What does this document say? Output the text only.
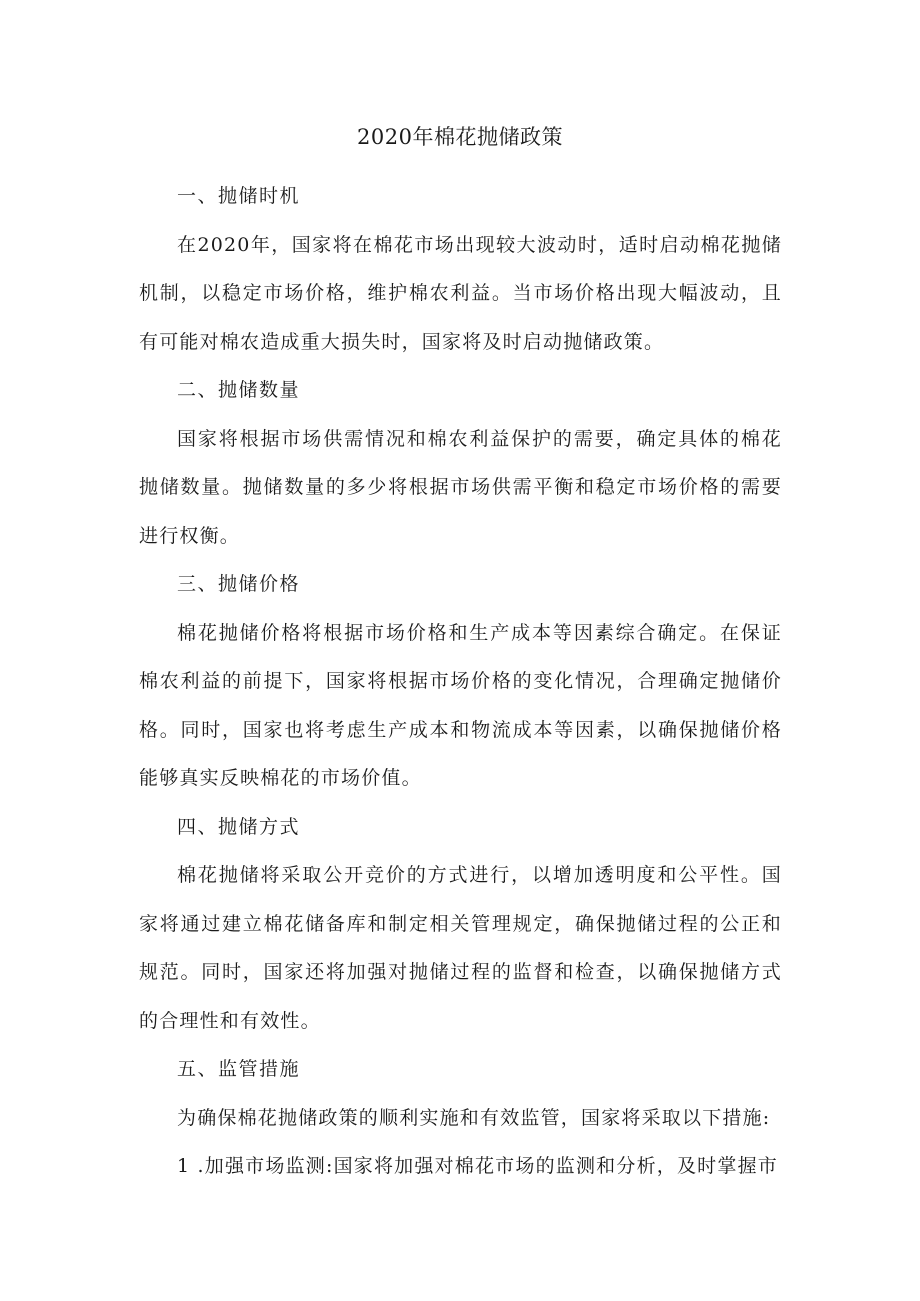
2020年棉花抛储政策

一、抛储时机

在2020年，国家将在棉花市场出现较大波动时，适时启动棉花抛储机制，以稳定市场价格，维护棉农利益。当市场价格出现大幅波动，且有可能对棉农造成重大损失时，国家将及时启动抛储政策。

二、抛储数量

国家将根据市场供需情况和棉农利益保护的需要，确定具体的棉花抛储数量。抛储数量的多少将根据市场供需平衡和稳定市场价格的需要进行权衡。

三、抛储价格

棉花抛储价格将根据市场价格和生产成本等因素综合确定。在保证棉农利益的前提下，国家将根据市场价格的变化情况，合理确定抛储价格。同时，国家也将考虑生产成本和物流成本等因素，以确保抛储价格能够真实反映棉花的市场价值。

四、抛储方式

棉花抛储将采取公开竞价的方式进行，以增加透明度和公平性。国家将通过建立棉花储备库和制定相关管理规定，确保抛储过程的公正和规范。同时，国家还将加强对抛储过程的监督和检查，以确保抛储方式的合理性和有效性。

五、监管措施

为确保棉花抛储政策的顺利实施和有效监管，国家将采取以下措施:

1 .加强市场监测:国家将加强对棉花市场的监测和分析，及时掌握市
